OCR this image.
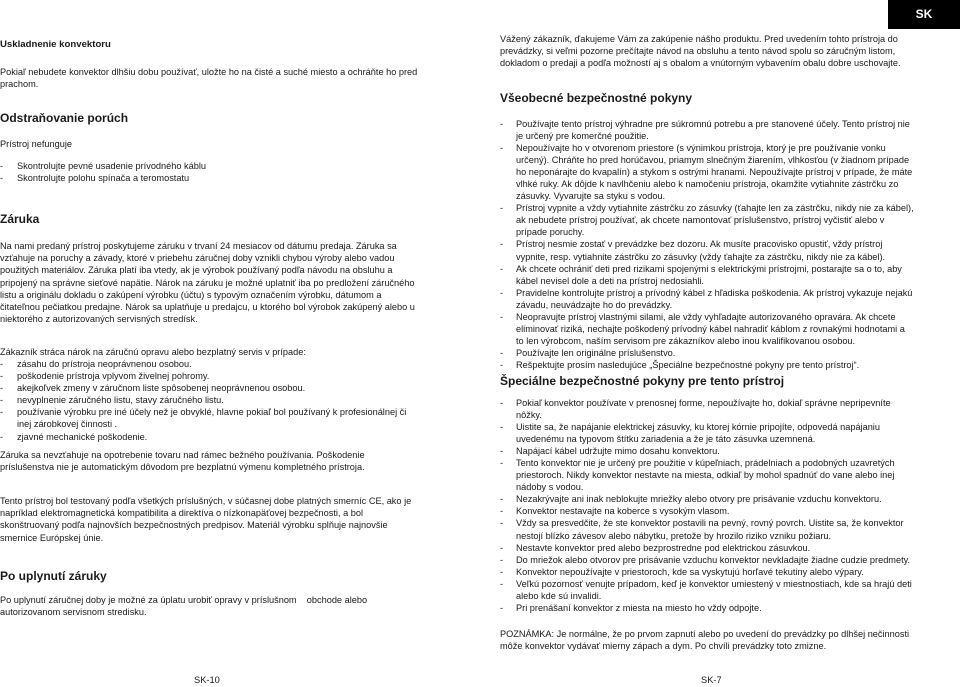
SK
Uskladnenie konvektoru
Pokiaľ nebudete konvektor dlhšiu dobu používať, uložte ho na čisté a suché miesto a ochráňte ho pred prachom.
Odstraňovanie porúch
Prístroj nefunguje
- Skontrolujte pevné usadenie prívodného káblu
- Skontrolujte polohu spínača a teromostatu
Záruka
Na nami predaný prístroj poskytujeme záruku v trvaní 24 mesiacov od dátumu predaja. Záruka sa vzťahuje na poruchy a závady, ktoré v priebehu záručnej doby vznikli chybou výroby alebo vadou použitých materiálov. Záruka platí iba vtedy, ak je výrobok používaný podľa návodu na obsluhu a pripojený na správne sieťové napätie. Nárok na záruku je možné uplatniť iba po predložení záručného listu a originálu dokladu o zakúpení výrobku (účtu) s typovým označením výrobku, dátumom a čitateľnou pečiatkou predajne. Nárok sa uplatňuje u predajcu, u ktorého bol výrobok zakúpený alebo u niektorého z autorizovaných servisných stredísk.
Zákazník stráca nárok na záručnú opravu alebo bezplatný servis v prípade:
- zásahu do prístroja neoprávnenou osobou.
- poškodenie prístroja vplyvom živelnej pohromy.
- akejkoľvek zmeny v záručnom liste spôsobenej neoprávnenou osobou.
- nevyplnenie záručného listu, stavy záručného listu.
- používanie výrobku pre iné účely než je obvyklé, hlavne pokiaľ bol používaný k profesionálnej či inej zárobkovej činnosti .
- zjavné mechanické poškodenie.
Záruka sa nevzťahuje na opotrebenie tovaru nad rámec bežného používania. Poškodenie príslušenstva nie je automatickým dôvodom pre bezplatnú výmenu kompletného prístroja.
Tento prístroj bol testovaný podľa všetkých príslušných, v súčasnej dobe platných smerníc CE, ako je napríklad elektromagnetická kompatibilita a direktíva o nízkonapäťovej bezpečnosti, a bol skonštruovaný podľa najnovších bezpečnostných predpisov. Materiál výrobku splňuje najnovšie smernice Európskej únie.
Po uplynutí záruky
Po uplynutí záručnej doby je možné za úplatu urobiť opravy v príslušnom    obchode alebo autorizovanom servisnom stredisku.
SK-10
Vážený zákazník, ďakujeme Vám za zakúpenie nášho produktu. Pred uvedením tohto prístroja do prevádzky, si veľmi pozorne prečítajte návod na obsluhu a tento návod spolu so záručným listom, dokladom o predaji a podľa možností aj s obalom a vnútorným vybavením obalu dobre uschovajte.
Všeobecné bezpečnostné pokyny
- Používajte tento prístroj výhradne pre súkromnú potrebu a pre stanovené účely. Tento prístroj nie je určený pre komerčné použitie.
- Nepoužívajte ho v otvorenom priestore (s výnimkou prístroja, ktorý je pre používanie vonku určený). Chráňte ho pred horúčavou, priamym slnečným žiarením, vlhkosťou (v žiadnom prípade ho neponárajte do kvapalín) a stykom s ostrými hranami. Nepoužívajte prístroj v prípade, že máte vlhké ruky. Ak dôjde k navlhčeniu alebo k namočeniu prístroja, okamžite vytiahnite zástrčku zo zásuvky. Vyvarujte sa styku s vodou.
- Prístroj vypnite a vždy vytiahnite zástrčku zo zásuvky (ťahajte len za zástrčku, nikdy nie za kábel), ak nebudete prístroj používať, ak chcete namontovať príslušenstvo, prístroj vyčistiť alebo v prípade poruchy.
- Prístroj nesmie zostať v prevádzke bez dozoru. Ak musíte pracovisko opustiť, vždy prístroj vypnite, resp. vytiahnite zástrčku zo zásuvky (vždy ťahajte za zástrčku, nikdy nie za kábel).
- Ak chcete ochrániť deti pred rizikami spojenými s elektrickými prístrojmi, postarajte sa o to, aby kábel nevisel dole a deti na prístroj nedosiahli.
- Pravidelne kontrolujte prístroj a prívodný kábel z hľadiska poškodenia. Ak prístroj vykazuje nejakú závadu, neuvádzajte ho do prevádzky.
- Neopravujte prístroj vlastnými silami, ale vždy vyhľadajte autorizovaného opravára. Ak chcete eliminovať riziká, nechajte poškodený prívodný kábel nahradiť káblom z rovnakými hodnotami a to len výrobcom, naším servisom pre zákazníkov alebo inou kvalifikovanou osobou.
- Používajte len originálne príslušenstvo.
- Rešpektujte prosím nasledujúce „Špeciálne bezpečnostné pokyny pre tento prístroj“.
Špeciálne bezpečnostné pokyny pre tento prístroj
- Pokiaľ konvektor používate v prenosnej forme, nepoužívajte ho, dokiaľ správne nepripevníte nôžky.
- Uistite sa, že napájanie elektrickej zásuvky, ku ktorej kórnie pripojíte, odpovedá napájaniu uvedenému na typovom štítku zariadenia a že je táto zásuvka uzemnená.
- Napájací kábel udržujte mimo dosahu konvektoru.
- Tento konvektor nie je určený pre použitie v kúpeľniach, prádelniach a podobných uzavretých priestoroch. Nikdy konvektor nestavte na miesta, odkiaľ by mohol spadnúť do vane alebo inej nádoby s vodou.
- Nezakrývajte ani inak neblokujte mriežky alebo otvory pre prisávanie vzduchu konvektoru.
- Konvektor nestavajte na koberce s vysokým vlasom.
- Vždy sa presvedčite, že ste konvektor postavili na pevný, rovný povrch. Uistite sa, že konvektor nestojí blízko závesov alebo nábytku, pretože by hrozilo riziko vzniku požiaru.
- Nestavte konvektor pred alebo bezprostredne pod elektrickou zásuvkou.
- Do mriežok alebo otvorov pre prisávanie vzduchu konvektor nevkladajte žiadne cudzie predmety.
- Konvektor nepoužívajte v priestoroch, kde sa vyskytujú horľavé tekutiny alebo výpary.
- Veľkú pozornosť venujte prípadom, keď je konvektor umiestený v miestnostiach, kde sa hrajú deti alebo kde sú invalidi.
- Pri prenášaní konvektor z miesta na miesto ho vždy odpojte.
POZNÁMKA: Je normálne, že po prvom zapnutí alebo po uvedení do prevádzky po dlhšej nečinnosti môže konvektor vydávať mierny zápach a dym. Po chvíli prevádzky toto zmizne.
SK-7
